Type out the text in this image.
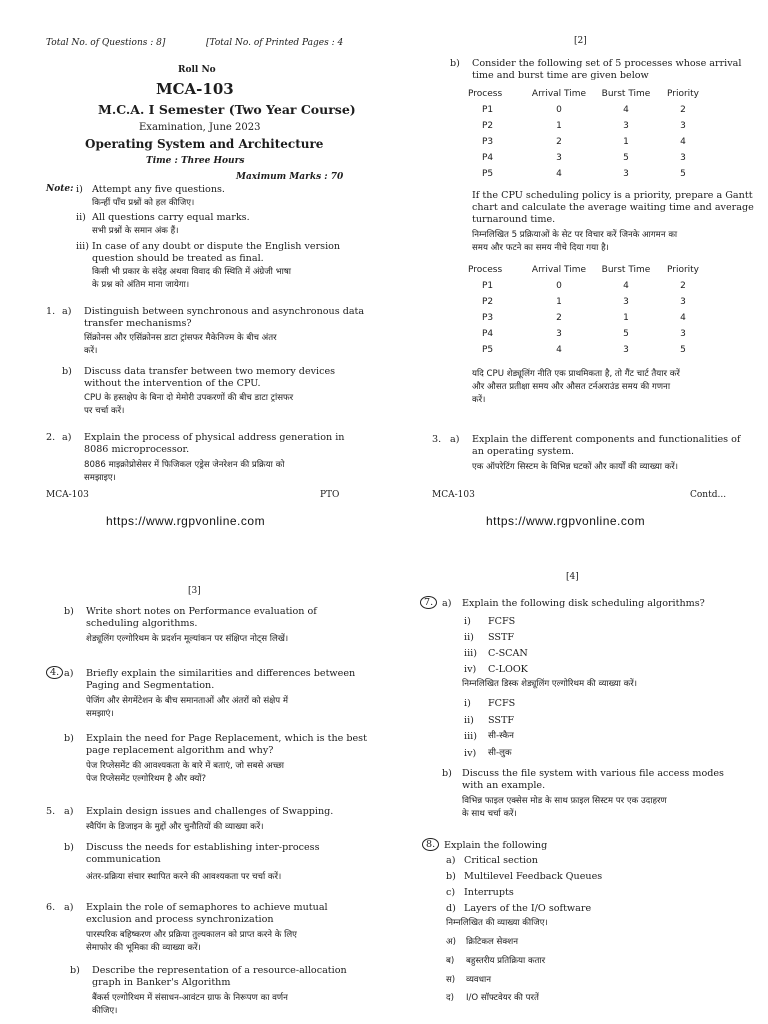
Total No. of Questions : 8]	[Total No. of Printed Pages : 4
Roll No
MCA-103
M.C.A. I Semester (Two Year Course)
Examination, June 2023
Operating System and Architecture
Time : Three Hours
Maximum Marks : 70
Note: i) Attempt any five questions.
किन्हीं पाँच प्रश्नों को हल कीजिए।
ii) All questions carry equal marks.
सभी प्रश्नों के समान अंक हैं।
iii) In case of any doubt or dispute the English version
question should be treated as final.
किसी भी प्रकार के संदेह अथवा विवाद की स्थिति में अंग्रेजी भाषा
के प्रश्न को अंतिम माना जायेगा।
1. a) Distinguish between synchronous and asynchronous data
transfer mechanisms?
सिंक्रोनस और एसिंक्रोनस डाटा ट्रांसफर मैकेनिज्म के बीच अंतर
करें।
b) Discuss data transfer between two memory devices
without the intervention of the CPU.
CPU के हस्तक्षेप के बिना दो मेमोरी उपकरणों की बीच डाटा ट्रांसफर
पर चर्चा करें।
2. a) Explain the process of physical address generation in
8086 microprocessor.
8086 माइक्रोप्रोसेसर में फिजिकल एड्रेस जेनरेशन की प्रक्रिया को
समझाइए।
MCA-103	PTO
https://www.rgpvonline.com
[2]
b) Consider the following set of 5 processes whose arrival
time and burst time are given below
Process	Arrival Time	Burst Time	Priority
P1	0	4	2
P2	1	3	3
P3	2	1	4
P4	3	5	3
P5	4	3	5
If the CPU scheduling policy is a priority, prepare a Gantt
chart and calculate the average waiting time and average
turnaround time.
निम्नलिखित 5 प्रक्रियाओं के सेट पर विचार करें जिनके आगमन का
समय और फटने का समय नीचे दिया गया है।
Process	Arrival Time	Burst Time	Priority
P1	0	4	2
P2	1	3	3
P3	2	1	4
P4	3	5	3
P5	4	3	5
यदि CPU शेड्यूलिंग नीति एक प्राथमिकता है, तो गैंट चार्ट तैयार करें
और औसत प्रतीक्षा समय और औसत टर्नअराउंड समय की गणना
करें।
3. a) Explain the different components and functionalities of
an operating system.
एक ऑपरेटिंग सिस्टम के विभिन्न घटकों और कार्यों की व्याख्या करें।
MCA-103	Contd...
https://www.rgpvonline.com
[3]
b) Write short notes on Performance evaluation of
scheduling algorithms.
शेड्यूलिंग एल्गोरिथम के प्रदर्शन मूल्यांकन पर संक्षिप्त नोट्स लिखें।
4. a) Briefly explain the similarities and differences between
Paging and Segmentation.
पेजिंग और सेगमेंटेशन के बीच समानताओं और अंतरों को संक्षेप में
समझाएं।
b) Explain the need for Page Replacement, which is the best
page replacement algorithm and why?
पेज रिप्लेसमेंट की आवश्यकता के बारे में बताएं, जो सबसे अच्छा
पेज रिप्लेसमेंट एल्गोरिथम है और क्यों?
5. a) Explain design issues and challenges of Swapping.
स्वैपिंग के डिजाइन के मुद्दों और चुनौतियों की व्याख्या करें।
b) Discuss the needs for establishing inter-process
communication
अंतर-प्रक्रिया संचार स्थापित करने की आवश्यकता पर चर्चा करें।
6. a) Explain the role of semaphores to achieve mutual
exclusion and process synchronization
पारस्परिक बहिष्करण और प्रक्रिया तुल्यकालन को प्राप्त करने के लिए
सेमाफोर की भूमिका की व्याख्या करें।
b) Describe the representation of a resource-allocation
graph in Banker's Algorithm
बैंकर्स एल्गोरिथम में संसाधन-आवंटन ग्राफ के निरूपण का वर्णन
कीजिए।
[4]
7. a) Explain the following disk scheduling algorithms?
i) FCFS
ii) SSTF
iii) C-SCAN
iv) C-LOOK
निम्नलिखित डिस्क शेड्यूलिंग एल्गोरिथम की व्याख्या करें।
i) FCFS
ii) SSTF
iii) सी-स्कैन
iv) सी-लुक
b) Discuss the file system with various file access modes
with an example.
विभिन्न फाइल एक्सेस मोड के साथ फ़ाइल सिस्टम पर एक उदाहरण
के साथ चर्चा करें।
8. Explain the following
a) Critical section
b) Multilevel Feedback Queues
c) Interrupts
d) Layers of the I/O software
निम्नलिखित की व्याख्या कीजिए।
अ) क्रिटिकल सेक्शन
ब) बहुस्तरीय प्रतिक्रिया कतार
स) व्यवधान
द) I/O सॉफ्टवेयर की परतें
